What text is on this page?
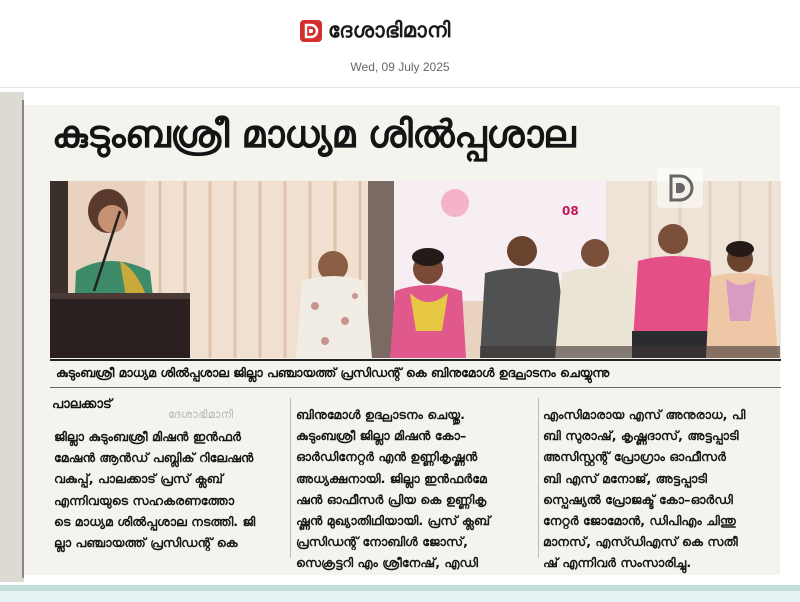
ദേശാഭിമാനി
Wed, 09 July 2025
കുടുംബശ്രീ മാധ്യമ ശിൽപ്പശാല
08
കുടുംബശ്രീ മാധ്യമ ശിൽപ്പശാല ജില്ലാ പഞ്ചായത്ത് പ്രസിഡന്റ് കെ ബിനുമോൾ ഉദ്ഘാടനം ചെയ്യുന്നു
പാലക്കാട്
ദേശാഭിമാനി
ജില്ലാ കുടുംബശ്രീ മിഷൻ ഇൻഫർ
മേഷൻ ആൻഡ് പബ്ലിക് റിലേഷൻ
വകുപ്പ്, പാലക്കാട് പ്രസ് ക്ലബ്
എന്നിവയുടെ സഹകരണത്തോ
ടെ മാധ്യമ ശിൽപ്പശാല നടത്തി. ജി
ല്ലാ പഞ്ചായത്ത് പ്രസിഡന്റ് കെ
ബിനുമോൾ ഉദ്ഘാടനം ചെയ്തു.
കുടുംബശ്രീ ജില്ലാ മിഷൻ കോ–
ഓർഡിനേറ്റർ എൻ ഉണ്ണികൃഷ്ണൻ
അധ്യക്ഷനായി. ജില്ലാ ഇൻഫർമേ
ഷൻ ഓഫീസർ പ്രിയ കെ ഉണ്ണികൃ
ഷ്ണൻ മുഖ്യാതിഥിയായി. പ്രസ് ക്ലബ്
പ്രസിഡന്റ് നോബിൾ ജോസ്,
സെക്രട്ടറി എം ശ്രീനേഷ്, എഡി
എംസിമാരായ എസ് അനുരാധ, പി
ബി സുരാഷ്, കൃഷ്ണദാസ്, അട്ടപ്പാടി
അസിസ്റ്റന്റ് പ്രോഗ്രാം ഓഫീസർ
ബി എസ് മനോജ്, അട്ടപ്പാടി
സ്പെഷ്യൽ പ്രോജക്ട് കോ–ഓർഡി
നേറ്റർ ജോമോൻ, ഡിപിഎം ചിന്തു
മാനസ്, എസ്ഡിഎസ് കെ സതീ
ഷ് എന്നിവർ സംസാരിച്ചു.
